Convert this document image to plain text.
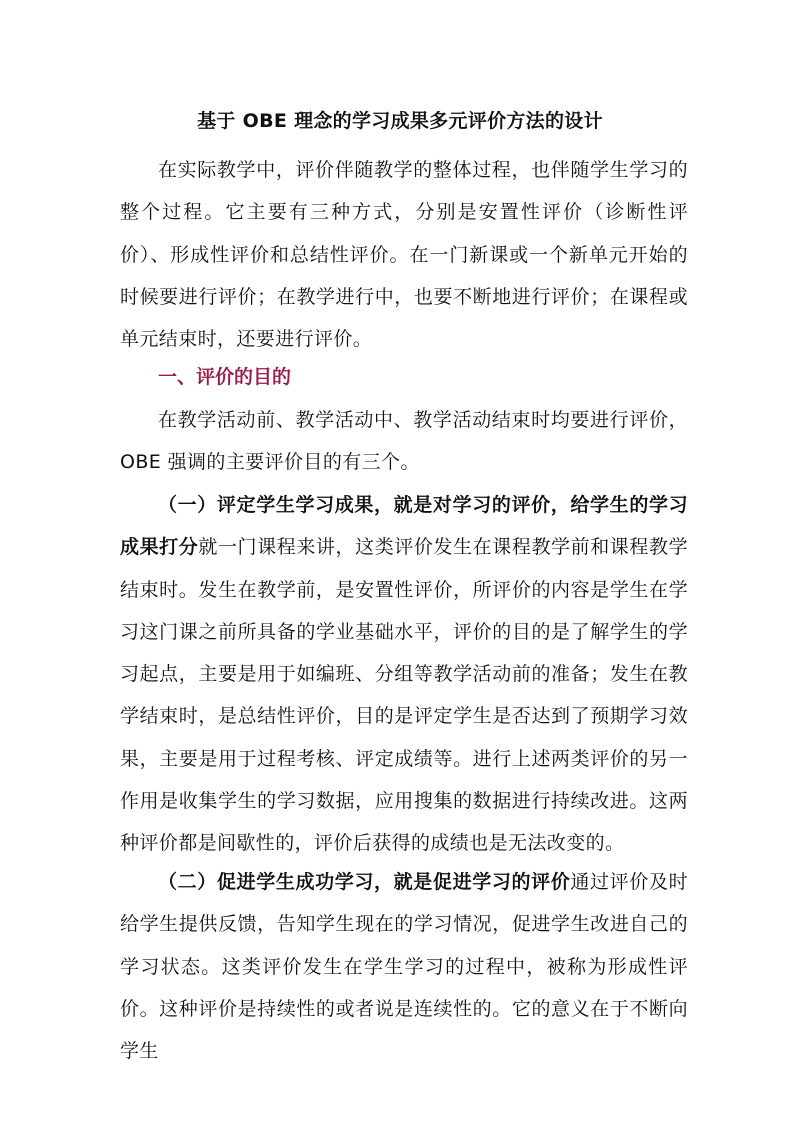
基于 OBE 理念的学习成果多元评价方法的设计

在实际教学中，评价伴随教学的整体过程，也伴随学生学习的整个过程。它主要有三种方式，分别是安置性评价（诊断性评价）、形成性评价和总结性评价。在一门新课或一个新单元开始的时候要进行评价；在教学进行中，也要不断地进行评价；在课程或单元结束时，还要进行评价。

一、评价的目的

在教学活动前、教学活动中、教学活动结束时均要进行评价，OBE 强调的主要评价目的有三个。

（一）评定学生学习成果，就是对学习的评价，给学生的学习成果打分就一门课程来讲，这类评价发生在课程教学前和课程教学结束时。发生在教学前，是安置性评价，所评价的内容是学生在学习这门课之前所具备的学业基础水平，评价的目的是了解学生的学习起点，主要是用于如编班、分组等教学活动前的准备；发生在教学结束时，是总结性评价，目的是评定学生是否达到了预期学习效果，主要是用于过程考核、评定成绩等。进行上述两类评价的另一作用是收集学生的学习数据，应用搜集的数据进行持续改进。这两种评价都是间歇性的，评价后获得的成绩也是无法改变的。

（二）促进学生成功学习，就是促进学习的评价通过评价及时给学生提供反馈，告知学生现在的学习情况，促进学生改进自己的学习状态。这类评价发生在学生学习的过程中，被称为形成性评价。这种评价是持续性的或者说是连续性的。它的意义在于不断向学生
